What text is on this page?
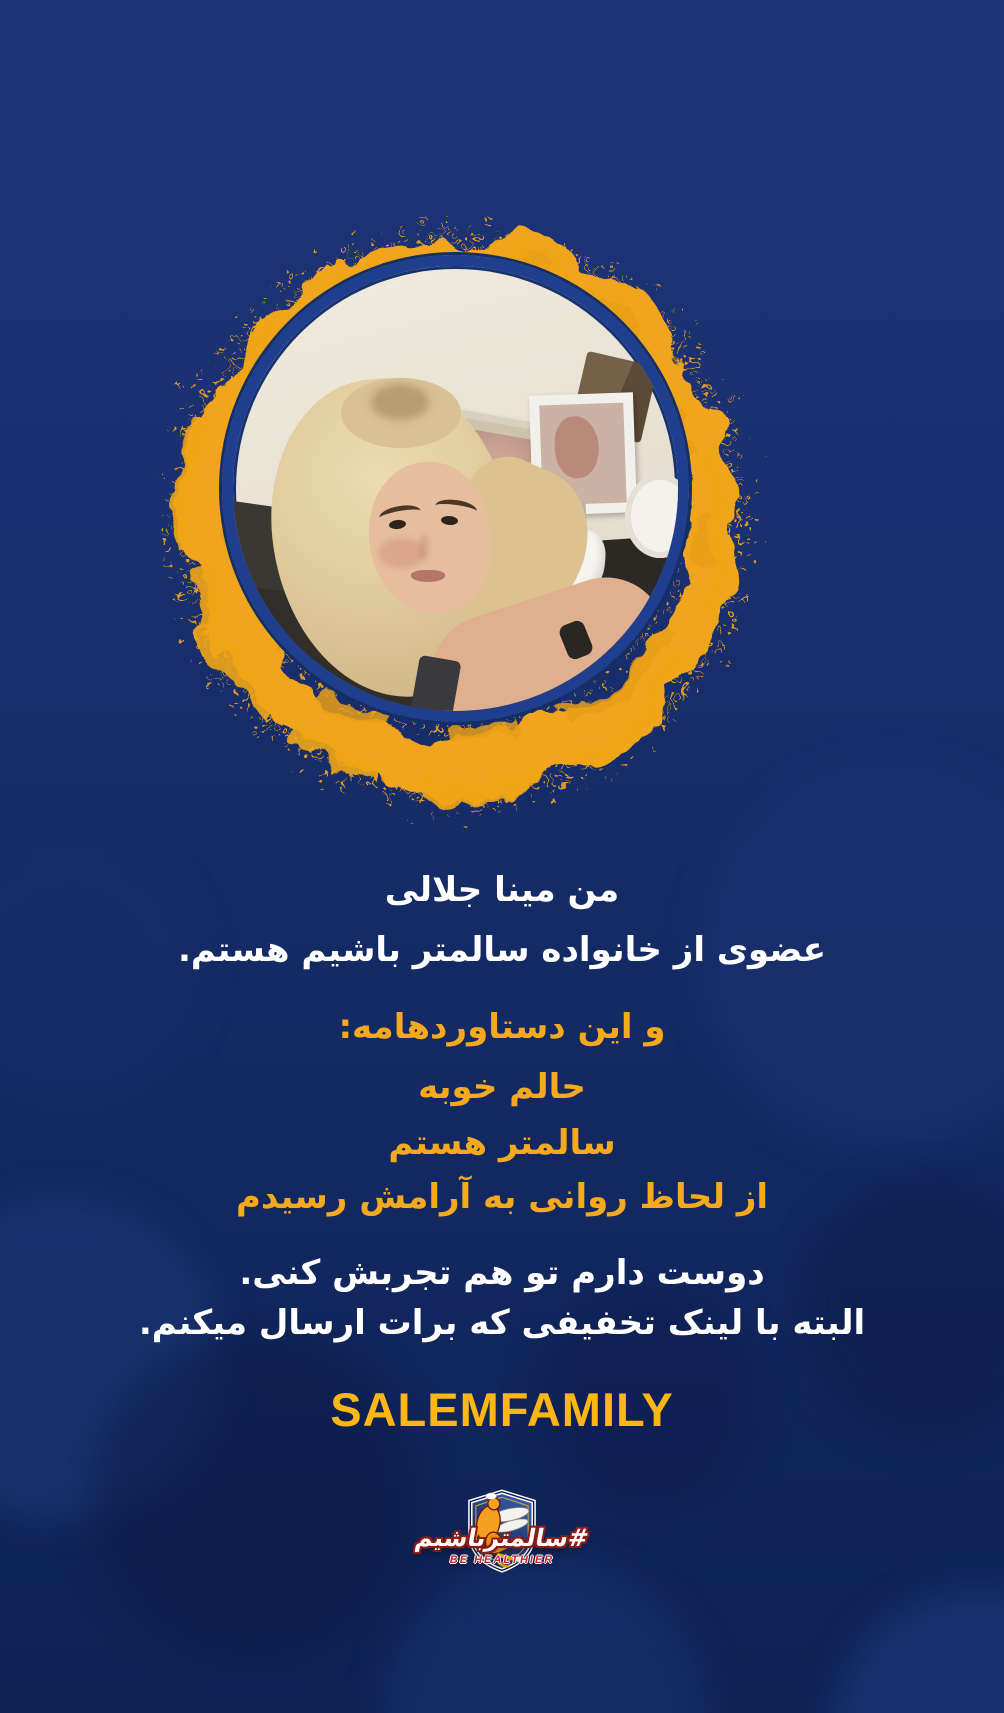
من مینا جلالی

عضوی از خانواده سالمتر باشیم هستم.

و این دستاوردهامه:

حالم خوبه

سالمتر هستم

از لحاظ روانی به آرامش رسیدم

دوست دارم تو هم تجربش کنی.

البته با لینک تخفیفی که برات ارسال میکنم.

SALEMFAMILY
#سالمترباشیم
BE HEALTHIER
